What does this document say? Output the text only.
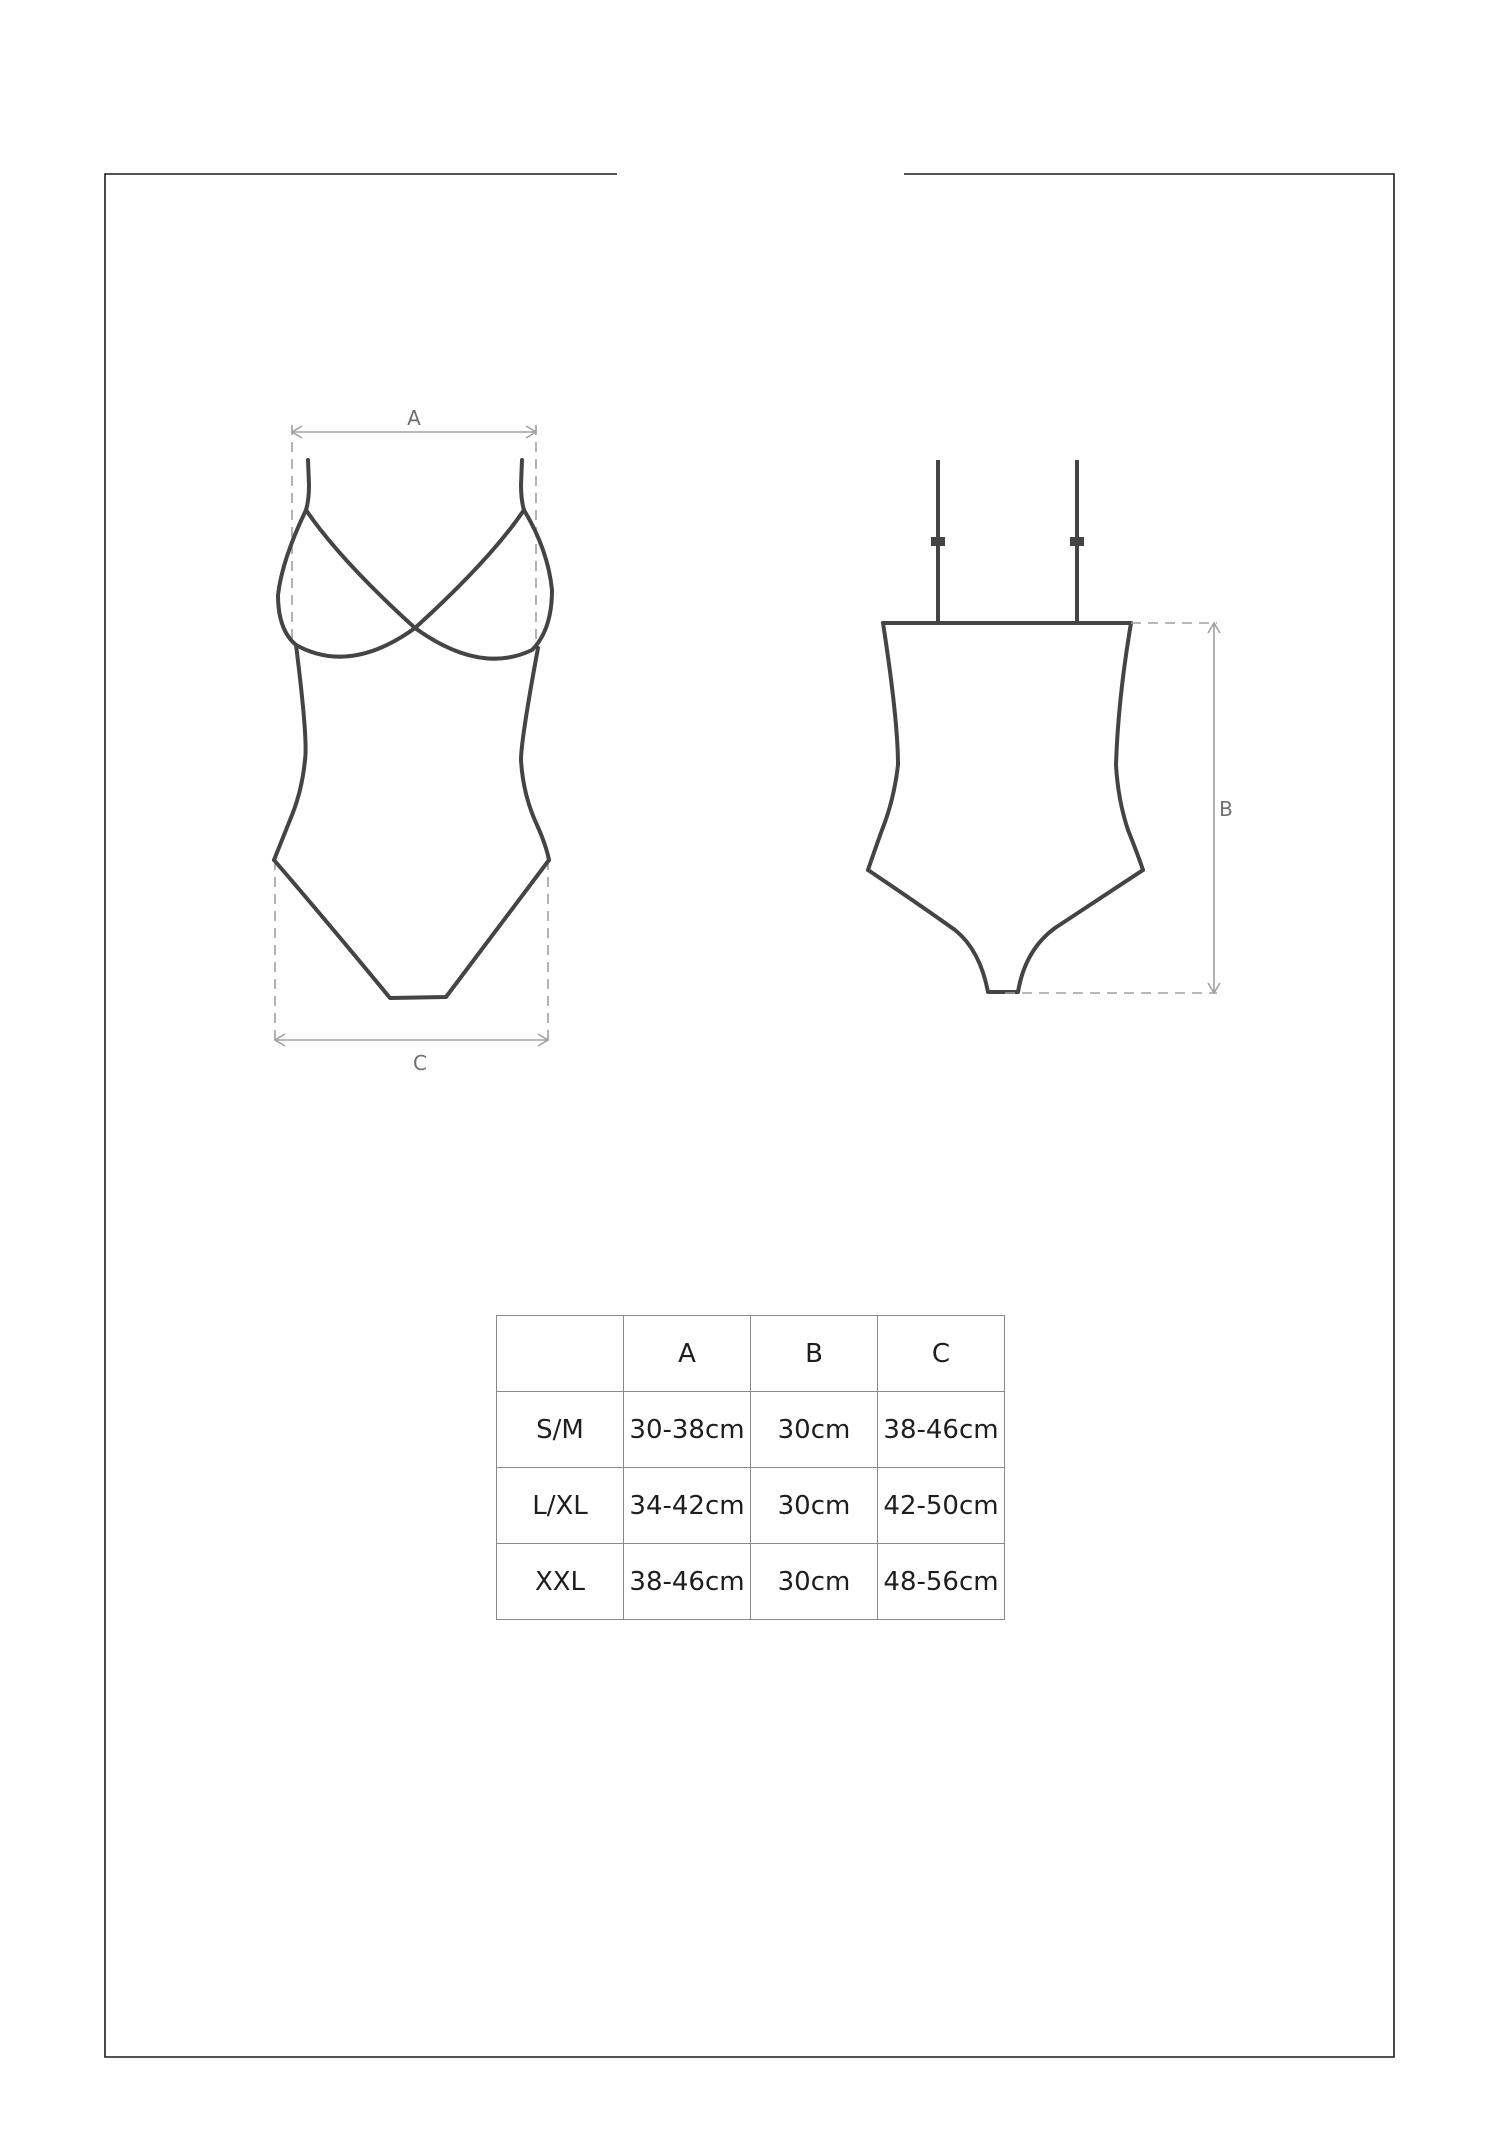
A
C
B
	A	B	C
S/M	30-38cm	30cm	38-46cm
L/XL	34-42cm	30cm	42-50cm
XXL	38-46cm	30cm	48-56cm
